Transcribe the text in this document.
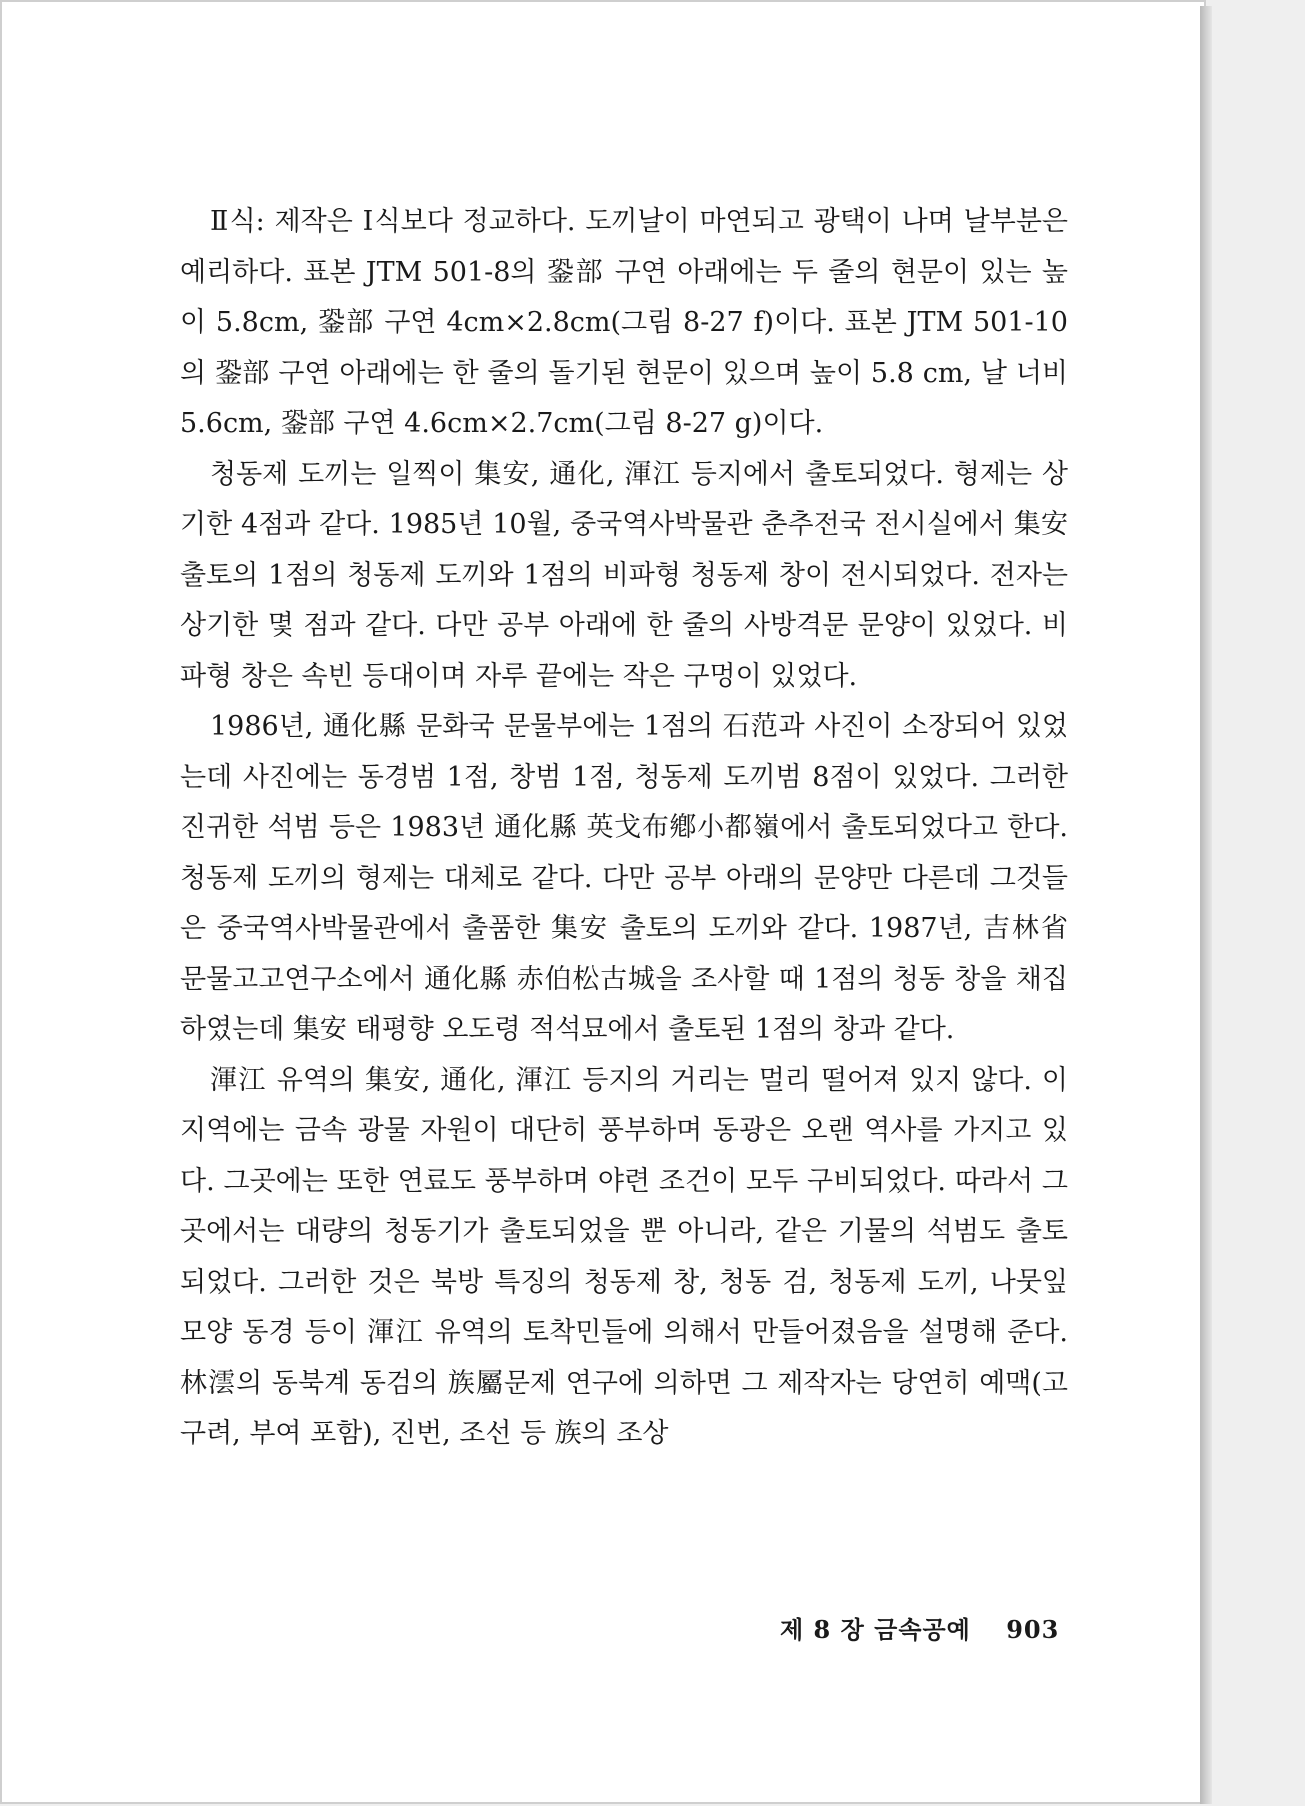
Ⅱ식: 제작은 Ⅰ식보다 정교하다. 도끼날이 마연되고 광택이 나며 날부분은 예리하다. 표본 JTM 501-8의 銎部 구연 아래에는 두 줄의 현문이 있는 높이 5.8cm, 銎部 구연 4cm×2.8cm(그림 8-27 f)이다. 표본 JTM 501-10의 銎部 구연 아래에는 한 줄의 돌기된 현문이 있으며 높이 5.8 cm, 날 너비 5.6cm, 銎部 구연 4.6cm×2.7cm(그림 8-27 g)이다.

청동제 도끼는 일찍이 集安, 通化, 渾江 등지에서 출토되었다. 형제는 상기한 4점과 같다. 1985년 10월, 중국역사박물관 춘추전국 전시실에서 集安 출토의 1점의 청동제 도끼와 1점의 비파형 청동제 창이 전시되었다. 전자는 상기한 몇 점과 같다. 다만 공부 아래에 한 줄의 사방격문 문양이 있었다. 비파형 창은 속빈 등대이며 자루 끝에는 작은 구멍이 있었다.

1986년, 通化縣 문화국 문물부에는 1점의 石范과 사진이 소장되어 있었는데 사진에는 동경범 1점, 창범 1점, 청동제 도끼범 8점이 있었다. 그러한 진귀한 석범 등은 1983년 通化縣 英戈布鄕小都嶺에서 출토되었다고 한다. 청동제 도끼의 형제는 대체로 같다. 다만 공부 아래의 문양만 다른데 그것들은 중국역사박물관에서 출품한 集安 출토의 도끼와 같다. 1987년, 吉林省문물고고연구소에서 通化縣 赤伯松古城을 조사할 때 1점의 청동 창을 채집하였는데 集安 태평향 오도령 적석묘에서 출토된 1점의 창과 같다.

渾江 유역의 集安, 通化, 渾江 등지의 거리는 멀리 떨어져 있지 않다. 이 지역에는 금속 광물 자원이 대단히 풍부하며 동광은 오랜 역사를 가지고 있다. 그곳에는 또한 연료도 풍부하며 야련 조건이 모두 구비되었다. 따라서 그곳에서는 대량의 청동기가 출토되었을 뿐 아니라, 같은 기물의 석범도 출토되었다. 그러한 것은 북방 특징의 청동제 창, 청동 검, 청동제 도끼, 나뭇잎 모양 동경 등이 渾江 유역의 토착민들에 의해서 만들어졌음을 설명해 준다. 林澐의 동북계 동검의 族屬문제 연구에 의하면 그 제작자는 당연히 예맥(고구려, 부여 포함), 진번, 조선 등 族의 조상

제 8 장 금속공예 903
